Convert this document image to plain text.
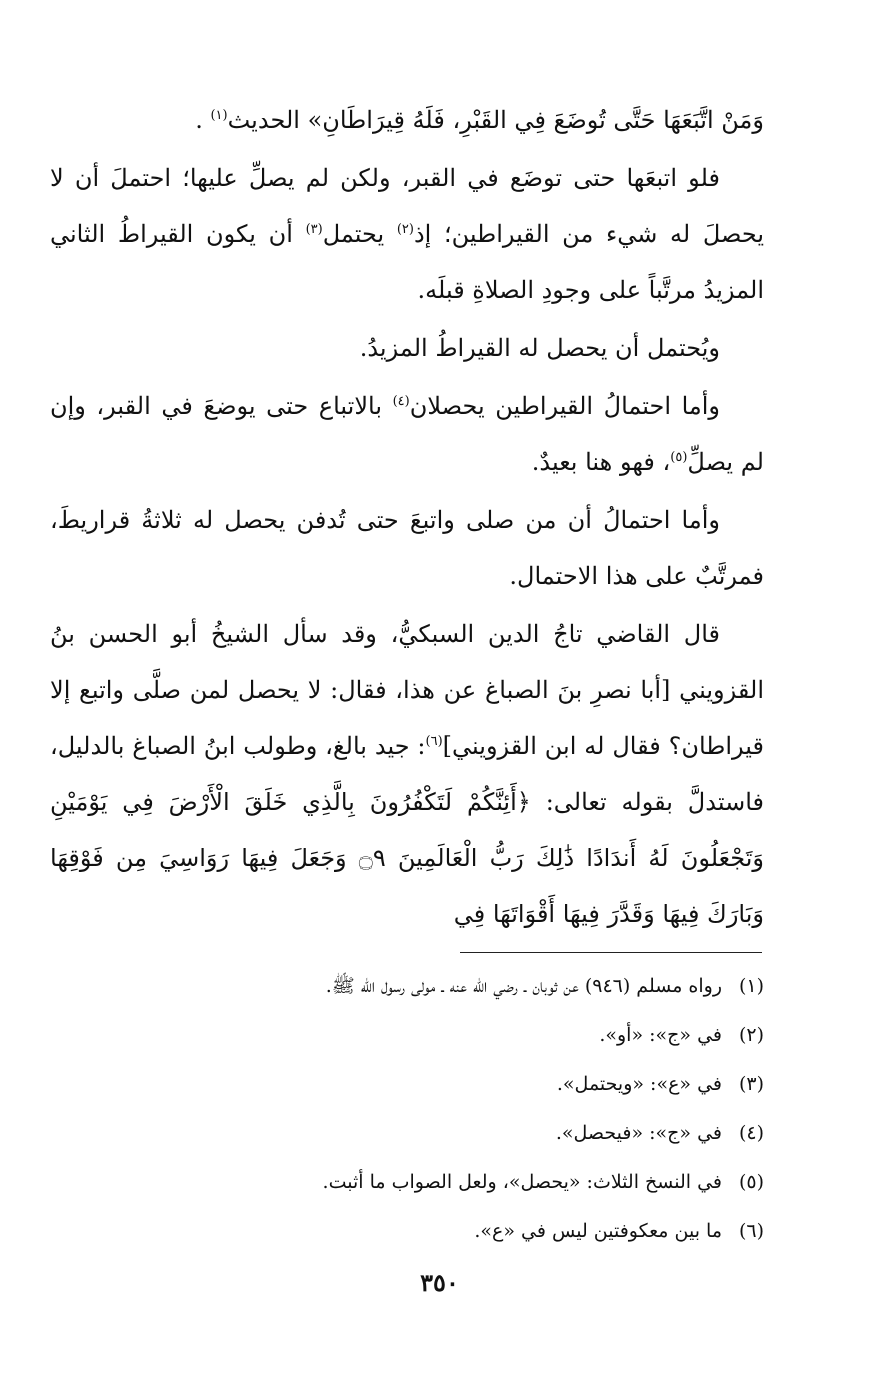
وَمَنْ اتَّبَعَهَا حَتَّى تُوضَعَ فِي القَبْرِ، فَلَهُ قِيرَاطَانِ» الحديث$^{(١)}$ .

فلو اتبعَها حتى توضَع في القبر، ولكن لم يصلِّ عليها؛ احتملَ أن لا يحصلَ له شيء من القيراطين؛ إذ$^{(٢)}$ يحتمل$^{(٣)}$ أن يكون القيراطُ الثاني المزيدُ مرتَّباً على وجودِ الصلاةِ قبلَه.

ويُحتمل أن يحصل له القيراطُ المزيدُ.

وأما احتمالُ القيراطين يحصلان$^{(٤)}$ بالاتباع حتى يوضعَ في القبر، وإن لم يصلِّ$^{(٥)}$، فهو هنا بعيدٌ.

وأما احتمالُ أن من صلى واتبعَ حتى تُدفن يحصل له ثلاثةُ قراريطَ، فمرتَّبٌ على هذا الاحتمال.

قال القاضي تاجُ الدين السبكيُّ، وقد سأل الشيخُ أبو الحسن بنُ القزويني [أبا نصرِ بنَ الصباغ عن هذا، فقال: لا يحصل لمن صلَّى واتبع إلا قيراطان؟ فقال له ابن القزويني]$^{(٦)}$: جيد بالغ، وطولب ابنُ الصباغ بالدليل، فاستدلَّ بقوله تعالى: ﴿أَئِنَّكُمْ لَتَكْفُرُونَ بِالَّذِي خَلَقَ الْأَرْضَ فِي يَوْمَيْنِ وَتَجْعَلُونَ لَهُ أَندَادًا ذَٰلِكَ رَبُّ الْعَالَمِينَ ۝٩ وَجَعَلَ فِيهَا رَوَاسِيَ مِن فَوْقِهَا وَبَارَكَ فِيهَا وَقَدَّرَ فِيهَا أَقْوَاتَهَا فِي

(١)رواه مسلم (٩٤٦) عن ثوبان ـ رضي الله عنه ـ مولى رسول الله ﷺ.

(٢)في «ج»: «أو».

(٣)في «ع»: «ويحتمل».

(٤)في «ج»: «فيحصل».

(٥)في النسخ الثلاث: «يحصل»، ولعل الصواب ما أثبت.

(٦)ما بين معكوفتين ليس في «ع».

٣٥٠
